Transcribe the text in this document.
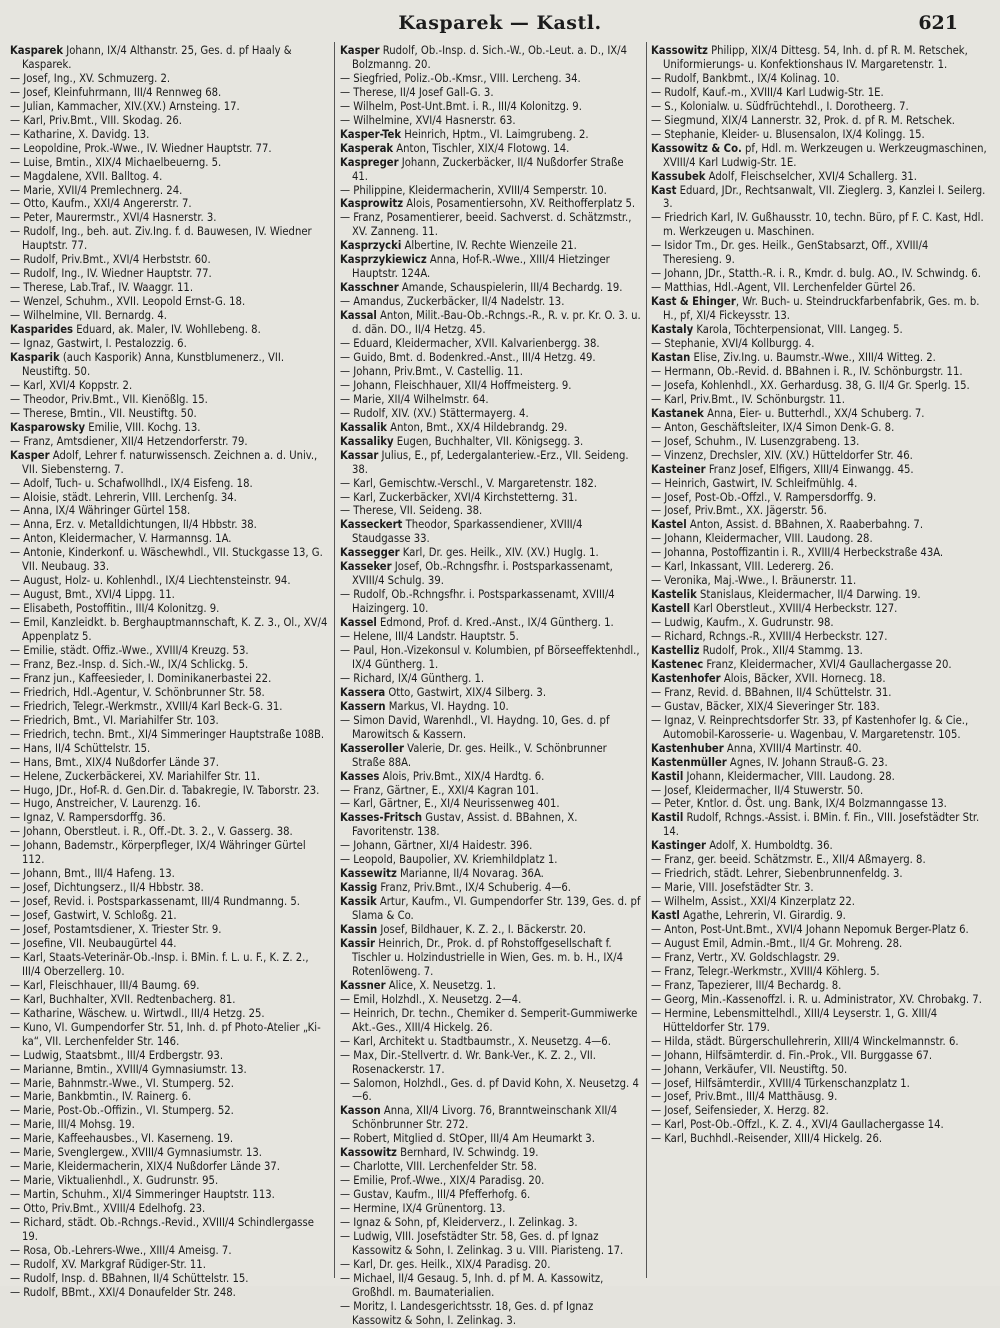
Kasparek — Kastl.	621
Kasparek Johann, IX/4 Althanstr. 25, Ges. d. pf Haaly & Kasparek.
— Josef, Ing., XV. Schmuzerg. 2.
— Josef, Kleinfuhrmann, III/4 Rennweg 68.
— Julian, Kammacher, XIV.(XV.) Arnsteing. 17.
— Karl, Priv.Bmt., VIII. Skodag. 26.
— Katharine, X. Davidg. 13.
— Leopoldine, Prok.-Wwe., IV. Wiedner Hauptstr. 77.
— Luise, Bmtin., XIX/4 Michaelbeuerng. 5.
— Magdalene, XVII. Balltog. 4.
— Marie, XVII/4 Premlechnerg. 24.
— Otto, Kaufm., XXI/4 Angererstr. 7.
— Peter, Maurermstr., XVI/4 Hasnerstr. 3.
— Rudolf, Ing., beh. aut. Ziv.Ing. f. d. Bauwesen, IV. Wiedner Hauptstr. 77.
— Rudolf, Priv.Bmt., XVI/4 Herbststr. 60.
— Rudolf, Ing., IV. Wiedner Hauptstr. 77.
— Therese, Lab.Traf., IV. Waaggr. 11.
— Wenzel, Schuhm., XVII. Leopold Ernst-G. 18.
— Wilhelmine, VII. Bernardg. 4.
Kasparides Eduard, ak. Maler, IV. Wohllebeng. 8.
— Ignaz, Gastwirt, I. Pestalozzig. 6.
Kasparik (auch Kasporik) Anna, Kunstblumenerz., VII. Neustiftg. 50.
— Karl, XVI/4 Koppstr. 2.
— Theodor, Priv.Bmt., VII. Kienößlg. 15.
— Therese, Bmtin., VII. Neustiftg. 50.
Kasparowsky Emilie, VIII. Kochg. 13.
— Franz, Amtsdiener, XII/4 Hetzendorferstr. 79.
Kasper Adolf, Lehrer f. naturwissensch. Zeichnen a. d. Univ., VII. Siebensterng. 7.
— Adolf, Tuch- u. Schafwollhdl., IX/4 Eisfeng. 18.
— Aloisie, städt. Lehrerin, VIII. Lerchenſg. 34.
— Anna, IX/4 Währinger Gürtel 158.
— Anna, Erz. v. Metalldichtungen, II/4 Hbbstr. 38.
— Anton, Kleidermacher, V. Harmannsg. 1A.
— Antonie, Kinderkonf. u. Wäschewhdl., VII. Stuckgasse 13, G. VII. Neubaug. 33.
— August, Holz- u. Kohlenhdl., IX/4 Liechtensteinstr. 94.
— August, Bmt., XVI/4 Lippg. 11.
— Elisabeth, Postoffitin., III/4 Kolonitzg. 9.
— Emil, Kanzleidkt. b. Berghauptmannschaft, K. Z. 3., Ol., XV/4 Appenplatz 5.
— Emilie, städt. Offiz.-Wwe., XVIII/4 Kreuzg. 53.
— Franz, Bez.-Insp. d. Sich.-W., IX/4 Schlickg. 5.
— Franz jun., Kaffeesieder, I. Dominikanerbastei 22.
— Friedrich, Hdl.-Agentur, V. Schönbrunner Str. 58.
— Friedrich, Telegr.-Werkmstr., XVIII/4 Karl Beck-G. 31.
— Friedrich, Bmt., VI. Mariahilfer Str. 103.
— Friedrich, techn. Bmt., XI/4 Simmeringer Hauptstraße 108B.
— Hans, II/4 Schüttelstr. 15.
— Hans, Bmt., XIX/4 Nußdorfer Lände 37.
— Helene, Zuckerbäckerei, XV. Mariahilfer Str. 11.
— Hugo, JDr., Hof-R. d. Gen.Dir. d. Tabakregie, IV. Taborstr. 23.
— Hugo, Anstreicher, V. Laurenzg. 16.
— Ignaz, V. Rampersdorffg. 36.
— Johann, Oberstleut. i. R., Off.-Dt. 3. 2., V. Gasserg. 38.
— Johann, Bademstr., Körperpfleger, IX/4 Währinger Gürtel 112.
— Johann, Bmt., III/4 Hafeng. 13.
— Josef, Dichtungserz., II/4 Hbbstr. 38.
— Josef, Revid. i. Postsparkassenamt, III/4 Rundmanng. 5.
— Josef, Gastwirt, V. Schloßg. 21.
— Josef, Postamtsdiener, X. Triester Str. 9.
— Josefine, VII. Neubaugürtel 44.
— Karl, Staats-Veterinär-Ob.-Insp. i. BMin. f. L. u. F., K. Z. 2., III/4 Oberzellerg. 10.
— Karl, Fleischhauer, III/4 Baumg. 69.
— Karl, Buchhalter, XVII. Redtenbacherg. 81.
— Katharine, Wäschew. u. Wirtwdl., III/4 Hetzg. 25.
— Kuno, VI. Gumpendorfer Str. 51, Inh. d. pf Photo-Atelier „Ki-ka“, VII. Lerchenfelder Str. 146.
— Ludwig, Staatsbmt., III/4 Erdbergstr. 93.
— Marianne, Bmtin., XVIII/4 Gymnasiumstr. 13.
— Marie, Bahnmstr.-Wwe., VI. Stumperg. 52.
— Marie, Bankbmtin., IV. Rainerg. 6.
— Marie, Post-Ob.-Offizin., VI. Stumperg. 52.
— Marie, III/4 Mohsg. 19.
— Marie, Kaffeehausbes., VI. Kaserneng. 19.
— Marie, Svenglergew., XVIII/4 Gymnasiumstr. 13.
— Marie, Kleidermacherin, XIX/4 Nußdorfer Lände 37.
— Marie, Viktualienhdl., X. Gudrunstr. 95.
— Martin, Schuhm., XI/4 Simmeringer Hauptstr. 113.
— Otto, Priv.Bmt., XVIII/4 Edelhofg. 23.
— Richard, städt. Ob.-Rchngs.-Revid., XVIII/4 Schindlergasse 19.
— Rosa, Ob.-Lehrers-Wwe., XIII/4 Ameisg. 7.
— Rudolf, XV. Markgraf Rüdiger-Str. 11.
— Rudolf, Insp. d. BBahnen, II/4 Schüttelstr. 15.
— Rudolf, BBmt., XXI/4 Donaufelder Str. 248.
Kasper Rudolf, Ob.-Insp. d. Sich.-W., Ob.-Leut. a. D., IX/4 Bolzmanng. 20.
— Siegfried, Poliz.-Ob.-Kmsr., VIII. Lercheng. 34.
— Therese, II/4 Josef Gall-G. 3.
— Wilhelm, Post-Unt.Bmt. i. R., III/4 Kolonitzg. 9.
— Wilhelmine, XVI/4 Hasnerstr. 63.
Kasper-Tek Heinrich, Hptm., VI. Laimgrubeng. 2.
Kasperak Anton, Tischler, XIX/4 Flotowg. 14.
Kaspreger Johann, Zuckerbäcker, II/4 Nußdorfer Straße 41.
— Philippine, Kleidermacherin, XVIII/4 Semperstr. 10.
Kasprowitz Alois, Posamentiersohn, XV. Reithofferplatz 5.
— Franz, Posamentierer, beeid. Sachverst. d. Schätzmstr., XV. Zanneng. 11.
Kasprzycki Albertine, IV. Rechte Wienzeile 21.
Kasprzykiewicz Anna, Hof-R.-Wwe., XIII/4 Hietzinger Hauptstr. 124A.
Kasschner Amande, Schauspielerin, III/4 Bechardg. 19.
— Amandus, Zuckerbäcker, II/4 Nadelstr. 13.
Kassal Anton, Milit.-Bau-Ob.-Rchngs.-R., R. v. pr. Kr. O. 3. u. d. dän. DO., II/4 Hetzg. 45.
— Eduard, Kleidermacher, XVII. Kalvarienbergg. 38.
— Guido, Bmt. d. Bodenkred.-Anst., III/4 Hetzg. 49.
— Johann, Priv.Bmt., V. Castellig. 11.
— Johann, Fleischhauer, XII/4 Hoffmeisterg. 9.
— Marie, XII/4 Wilhelmstr. 64.
— Rudolf, XIV. (XV.) Stättermayerg. 4.
Kassalik Anton, Bmt., XX/4 Hildebrandg. 29.
Kassaliky Eugen, Buchhalter, VII. Königsegg. 3.
Kassar Julius, E., pf, Ledergalanteriew.-Erz., VII. Seideng. 38.
— Karl, Gemischtw.-Verschl., V. Margaretenstr. 182.
— Karl, Zuckerbäcker, XVI/4 Kirchstetterng. 31.
— Therese, VII. Seideng. 38.
Kasseckert Theodor, Sparkassendiener, XVIII/4 Staudgasse 33.
Kassegger Karl, Dr. ges. Heilk., XIV. (XV.) Huglg. 1.
Kasseker Josef, Ob.-Rchngsfhr. i. Postsparkassenamt, XVIII/4 Schulg. 39.
— Rudolf, Ob.-Rchngsfhr. i. Postsparkassenamt, XVIII/4 Haizingerg. 10.
Kassel Edmond, Prof. d. Kred.-Anst., IX/4 Güntherg. 1.
— Helene, III/4 Landstr. Hauptstr. 5.
— Paul, Hon.-Vizekonsul v. Kolumbien, pf Börseeffektenhdl., IX/4 Güntherg. 1.
— Richard, IX/4 Güntherg. 1.
Kassera Otto, Gastwirt, XIX/4 Silberg. 3.
Kassern Markus, VI. Haydng. 10.
— Simon David, Warenhdl., VI. Haydng. 10, Ges. d. pf Marowitsch & Kassern.
Kasseroller Valerie, Dr. ges. Heilk., V. Schönbrunner Straße 88A.
Kasses Alois, Priv.Bmt., XIX/4 Hardtg. 6.
— Franz, Gärtner, E., XXI/4 Kagran 101.
— Karl, Gärtner, E., XI/4 Neurissenweg 401.
Kasses-Fritsch Gustav, Assist. d. BBahnen, X. Favoritenstr. 138.
— Johann, Gärtner, XI/4 Haidestr. 396.
— Leopold, Baupolier, XV. Kriemhildplatz 1.
Kassewitz Marianne, II/4 Novarag. 36A.
Kassig Franz, Priv.Bmt., IX/4 Schuberig. 4—6.
Kassik Artur, Kaufm., VI. Gumpendorfer Str. 139, Ges. d. pf Slama & Co.
Kassin Josef, Bildhauer, K. Z. 2., I. Bäckerstr. 20.
Kassir Heinrich, Dr., Prok. d. pf Rohstoffgesellschaft f. Tischler u. Holzindustrielle in Wien, Ges. m. b. H., IX/4 Rotenlöweng. 7.
Kassner Alice, X. Neusetzg. 1.
— Emil, Holzhdl., X. Neusetzg. 2—4.
— Heinrich, Dr. techn., Chemiker d. Semperit-Gummiwerke Akt.-Ges., XIII/4 Hickelg. 26.
— Karl, Architekt u. Stadtbaumstr., X. Neusetzg. 4—6.
— Max, Dir.-Stellvertr. d. Wr. Bank-Ver., K. Z. 2., VII. Rosenackerstr. 17.
— Salomon, Holzhdl., Ges. d. pf David Kohn, X. Neusetzg. 4—6.
Kasson Anna, XII/4 Livorg. 76, Branntweinschank XII/4 Schönbrunner Str. 272.
— Robert, Mitglied d. StOper, III/4 Am Heumarkt 3.
Kassowitz Bernhard, IV. Schwindg. 19.
— Charlotte, VIII. Lerchenfelder Str. 58.
— Emilie, Prof.-Wwe., XIX/4 Paradisg. 20.
— Gustav, Kaufm., III/4 Pfefferhofg. 6.
— Hermine, IX/4 Grünentorg. 13.
— Ignaz & Sohn, pf, Kleiderverz., I. Zelinkag. 3.
— Ludwig, VIII. Josefstädter Str. 58, Ges. d. pf Ignaz Kassowitz & Sohn, I. Zelinkag. 3 u. VIII. Piaristeng. 17.
— Karl, Dr. ges. Heilk., XIX/4 Paradisg. 20.
— Michael, II/4 Gesaug. 5, Inh. d. pf M. A. Kassowitz, Großhdl. m. Baumaterialien.
— Moritz, I. Landesgerichtsstr. 18, Ges. d. pf Ignaz Kassowitz & Sohn, I. Zelinkag. 3.
Kassowitz Philipp, XIX/4 Dittesg. 54, Inh. d. pf R. M. Retschek, Uniformierungs- u. Konfektionshaus IV. Margaretenstr. 1.
— Rudolf, Bankbmt., IX/4 Kolinag. 10.
— Rudolf, Kauf.-m., XVIII/4 Karl Ludwig-Str. 1E.
— S., Kolonialw. u. Südfrüchtehdl., I. Dorotheerg. 7.
— Siegmund, XIX/4 Lannerstr. 32, Prok. d. pf R. M. Retschek.
— Stephanie, Kleider- u. Blusensalon, IX/4 Kolingg. 15.
Kassowitz & Co. pf, Hdl. m. Werkzeugen u. Werkzeugmaschinen, XVIII/4 Karl Ludwig-Str. 1E.
Kassubek Adolf, Fleischselcher, XVI/4 Schallerg. 31.
Kast Eduard, JDr., Rechtsanwalt, VII. Zieglerg. 3, Kanzlei I. Seilerg. 3.
— Friedrich Karl, IV. Gußhausstr. 10, techn. Büro, pf F. C. Kast, Hdl. m. Werkzeugen u. Maschinen.
— Isidor Tm., Dr. ges. Heilk., GenStabsarzt, Off., XVIII/4 Theresieng. 9.
— Johann, JDr., Statth.-R. i. R., Kmdr. d. bulg. AO., IV. Schwindg. 6.
— Matthias, Hdl.-Agent, VII. Lerchenfelder Gürtel 26.
Kast & Ehinger, Wr. Buch- u. Steindruckfarbenfabrik, Ges. m. b. H., pf, XI/4 Fickeysstr. 13.
Kastaly Karola, Töchterpensionat, VIII. Langeg. 5.
— Stephanie, XVI/4 Kollburgg. 4.
Kastan Elise, Ziv.Ing. u. Baumstr.-Wwe., XIII/4 Witteg. 2.
— Hermann, Ob.-Revid. d. BBahnen i. R., IV. Schönburgstr. 11.
— Josefa, Kohlenhdl., XX. Gerhardusg. 38, G. II/4 Gr. Sperlg. 15.
— Karl, Priv.Bmt., IV. Schönburgstr. 11.
Kastanek Anna, Eier- u. Butterhdl., XX/4 Schuberg. 7.
— Anton, Geschäftsleiter, IX/4 Simon Denk-G. 8.
— Josef, Schuhm., IV. Lusenzgrabeng. 13.
— Vinzenz, Drechsler, XIV. (XV.) Hütteldorfer Str. 46.
Kasteiner Franz Josef, Elfigers, XIII/4 Einwangg. 45.
— Heinrich, Gastwirt, IV. Schleifmühlg. 4.
— Josef, Post-Ob.-Offzl., V. Rampersdorffg. 9.
— Josef, Priv.Bmt., XX. Jägerstr. 56.
Kastel Anton, Assist. d. BBahnen, X. Raaberbahng. 7.
— Johann, Kleidermacher, VIII. Laudong. 28.
— Johanna, Postoffizantin i. R., XVIII/4 Herbeckstraße 43A.
— Karl, Inkassant, VIII. Ledererg. 26.
— Veronika, Maj.-Wwe., I. Bräunerstr. 11.
Kastelik Stanislaus, Kleidermacher, II/4 Darwing. 19.
Kastell Karl Oberstleut., XVIII/4 Herbeckstr. 127.
— Ludwig, Kaufm., X. Gudrunstr. 98.
— Richard, Rchngs.-R., XVIII/4 Herbeckstr. 127.
Kastelliz Rudolf, Prok., XII/4 Stammg. 13.
Kastenec Franz, Kleidermacher, XVI/4 Gaullachergasse 20.
Kastenhofer Alois, Bäcker, XVII. Hornecg. 18.
— Franz, Revid. d. BBahnen, II/4 Schüttelstr. 31.
— Gustav, Bäcker, XIX/4 Sieveringer Str. 183.
— Ignaz, V. Reinprechtsdorfer Str. 33, pf Kastenhofer Ig. & Cie., Automobil-Karosserie- u. Wagenbau, V. Margaretenstr. 105.
Kastenhuber Anna, XVIII/4 Martinstr. 40.
Kastenmüller Agnes, IV. Johann Strauß-G. 23.
Kastil Johann, Kleidermacher, VIII. Laudong. 28.
— Josef, Kleidermacher, II/4 Stuwerstr. 50.
— Peter, Kntlor. d. Öst. ung. Bank, IX/4 Bolzmanngasse 13.
Kastil Rudolf, Rchngs.-Assist. i. BMin. f. Fin., VIII. Josefstädter Str. 14.
Kastinger Adolf, X. Humboldtg. 36.
— Franz, ger. beeid. Schätzmstr. E., XII/4 Aßmayerg. 8.
— Friedrich, städt. Lehrer, Siebenbrunnenfeldg. 3.
— Marie, VIII. Josefstädter Str. 3.
— Wilhelm, Assist., XXI/4 Kinzerplatz 22.
Kastl Agathe, Lehrerin, VI. Girardig. 9.
— Anton, Post-Unt.Bmt., XVI/4 Johann Nepomuk Berger-Platz 6.
— August Emil, Admin.-Bmt., II/4 Gr. Mohreng. 28.
— Franz, Vertr., XV. Goldschlagstr. 29.
— Franz, Telegr.-Werkmstr., XVIII/4 Köhlerg. 5.
— Franz, Tapezierer, III/4 Bechardg. 8.
— Georg, Min.-Kassenoffzl. i. R. u. Administrator, XV. Chrobakg. 7.
— Hermine, Lebensmittelhdl., XIII/4 Leyserstr. 1, G. XIII/4 Hütteldorfer Str. 179.
— Hilda, städt. Bürgerschullehrerin, XIII/4 Winckelmannstr. 6.
— Johann, Hilfsämterdir. d. Fin.-Prok., VII. Burggasse 67.
— Johann, Verkäufer, VII. Neustiftg. 50.
— Josef, Hilfsämterdir., XVIII/4 Türkenschanzplatz 1.
— Josef, Priv.Bmt., III/4 Matthäusg. 9.
— Josef, Seifensieder, X. Herzg. 82.
— Karl, Post-Ob.-Offzl., K. Z. 4., XVI/4 Gaullachergasse 14.
— Karl, Buchhdl.-Reisender, XIII/4 Hickelg. 26.
